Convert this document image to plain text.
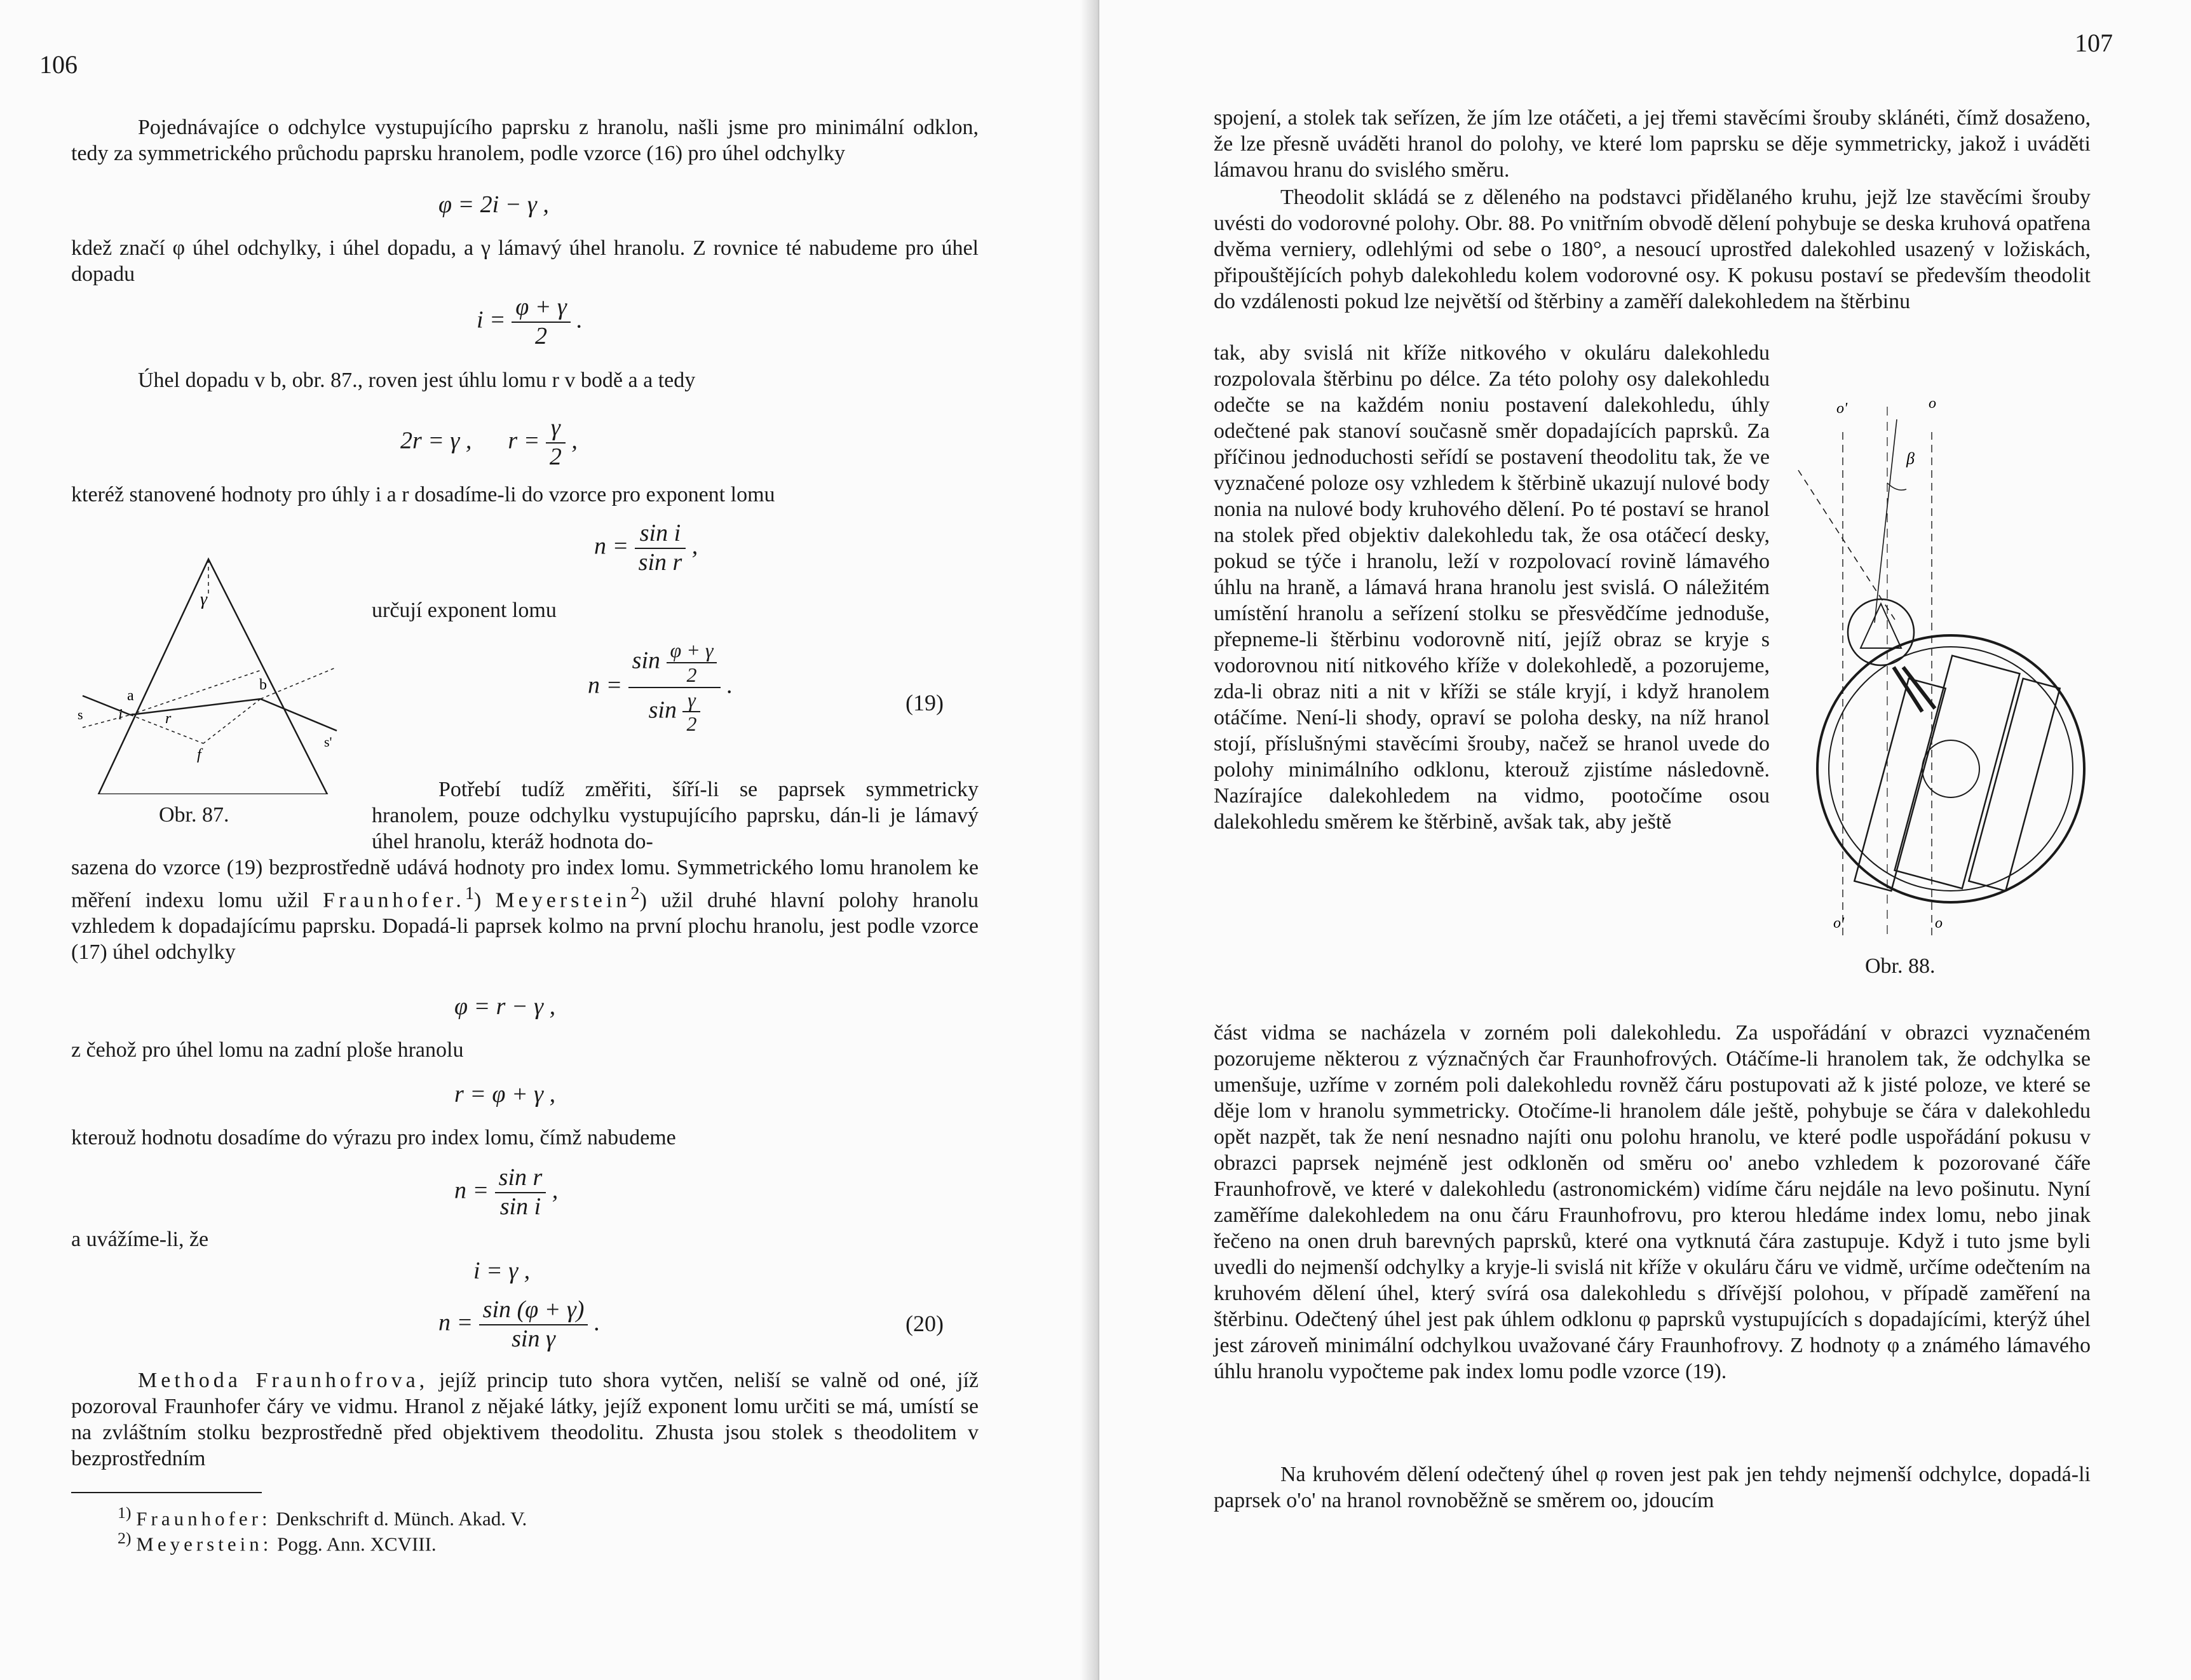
106

Pojednávajíce o odchylce vystupujícího paprsku z hranolu, našli jsme pro minimální odklon, tedy za symmetrického průchodu paprsku hranolem, podle vzorce (16) pro úhel odchylky

φ = 2i − γ ,

kdež značí φ úhel odchylky, i úhel dopadu, a γ lámavý úhel hranolu. Z rovnice té nabudeme pro úhel dopadu

$i = \frac{\varphi + \gamma}{2}$ .

Úhel dopadu v b, obr. 87., roven jest úhlu lomu r v bodě a a tedy

2r = γ , $r = \frac{\gamma}{2}$ ,

kteréž stanovené hodnoty pro úhly i a r dosadíme-li do vzorce pro exponent lomu

$n = \frac{\text{sin i}}{\text{sin r}}$ ,
γ
a
b
i	r
f
s
s'
Obr. 87.
určují exponent lomu
$n = \frac{\sin \frac{\varphi + \gamma}{2}}{\sin \frac{\gamma}{2}}$ .
(19)

Potřebí tudíž změřiti, šíří-li se paprsek symmetricky hranolem, pouze odchylku vystupujícího paprsku, dán-li je lámavý úhel hranolu, kteráž hodnota do-

sazena do vzorce (19) bezprostředně udává hodnoty pro index lomu. Symmetrického lomu hranolem ke měření indexu lomu užil Fraunhofer.$^1$) Meyerstein$^2$) užil druhé hlavní polohy hranolu vzhledem k dopadajícímu paprsku. Dopadá-li paprsek kolmo na první plochu hranolu, jest podle vzorce (17) úhel odchylky

φ = r − γ ,

z čehož pro úhel lomu na zadní ploše hranolu

r = φ + γ ,

kterouž hodnotu dosadíme do výrazu pro index lomu, čímž nabudeme

$n = \frac{\text{sin r}}{\text{sin i}}$ ,
a uvážíme-li, že
i = γ ,
$n = \frac{\sin (\varphi + \gamma)}{\text{sin γ}}$ .	(20)

Methoda Fraunhofrova, jejíž princip tuto shora vytčen, neliší se valně od oné, jíž pozoroval Fraunhofer čáry ve vidmu. Hranol z nějaké látky, jejíž exponent lomu určiti se má, umístí se na zvláštním stolku bezprostředně před objektivem theodolitu. Zhusta jsou stolek s theodolitem v bezprostředním

$^{1)}$ Fraunhofer: Denkschrift d. Münch. Akad. V.
$^{2)}$ Meyerstein: Pogg. Ann. XCVIII.
107

spojení, a stolek tak seřízen, že jím lze otáčeti, a jej třemi stavěcími šrouby sklánéti, čímž dosaženo, že lze přesně uváděti hranol do polohy, ve které lom paprsku se děje symmetricky, jakož i uváděti lámavou hranu do svislého směru.

Theodolit skládá se z děleného na podstavci přidělaného kruhu, jejž lze stavěcími šrouby uvésti do vodorovné polohy. Obr. 88. Po vnitřním obvodě dělení pohybuje se deska kruhová opatřena dvěma verniery, odlehlými od sebe o 180°, a nesoucí uprostřed dalekohled usazený v ložiskách, připouštějících pohyb dalekohledu kolem vodorovné osy. K pokusu postaví se především theodolit do vzdálenosti pokud lze největší od štěrbiny a zaměří dalekohledem na štěrbinu

tak, aby svislá nit kříže nitkového v okuláru dalekohledu rozpolovala štěrbinu po délce. Za této polohy osy dalekohledu odečte se na každém noniu postavení dalekohledu, úhly odečtené pak stanoví současně směr dopadajících paprsků. Za příčinou jednoduchosti seřídí se postavení theodolitu tak, že ve vyznačené poloze osy vzhledem k štěrbině ukazují nulové body nonia na nulové body kruhového dělení. Po té postaví se hranol na stolek před objektiv dalekohledu tak, že osa otáčecí desky, pokud se týče i hranolu, leží v rozpolovací rovině lámavého úhlu na hraně, a lámavá hrana hranolu jest svislá. O náležitém umístění hranolu a seřízení stolku se přesvědčíme jednoduše, přepneme-li štěrbinu vodorovně nití, jejíž obraz se kryje s vodorovnou nití nitkového kříže v dolekohledě, a pozorujeme, zda-li obraz niti a nit v kříži se stále kryjí, i když hranolem otáčíme. Není-li shody, opraví se poloha desky, na níž hranol stojí, příslušnými stavěcími šrouby, načež se hranol uvede do polohy minimálního odklonu, kterouž zjistíme následovně. Nazírajíce dalekohledem na vidmo, pootočíme osou dalekohledu směrem ke štěrbině, avšak tak, aby ještě

o'	o
β
o'	o
Obr. 88.

část vidma se nacházela v zorném poli dalekohledu. Za uspořádání v obrazci vyznačeném pozorujeme některou z význačných čar Fraunhofrových. Otáčíme-li hranolem tak, že odchylka se umenšuje, uzříme v zorném poli dalekohledu rovněž čáru postupovati až k jisté poloze, ve které se děje lom v hranolu symmetricky. Otočíme-li hranolem dále ještě, pohybuje se čára v dalekohledu opět nazpět, tak že není nesnadno najíti onu polohu hranolu, ve které podle uspořádání pokusu v obrazci paprsek nejméně jest odkloněn od směru oo' anebo vzhledem k pozorované čáře Fraunhofrově, ve které v dalekohledu (astronomickém) vidíme čáru nejdále na levo pošinutu. Nyní zaměříme dalekohledem na onu čáru Fraunhofrovu, pro kterou hledáme index lomu, nebo jinak řečeno na onen druh barevných paprsků, které ona vytknutá čára zastupuje. Když i tuto jsme byli uvedli do nejmenší odchylky a kryje-li svislá nit kříže v okuláru čáru ve vidmě, určíme odečtením na kruhovém dělení úhel, který svírá osa dalekohledu s dřívější polohou, v případě zaměření na štěrbinu. Odečtený úhel jest pak úhlem odklonu φ paprsků vystupujících s dopadajícími, kterýž úhel jest zároveň minimální odchylkou uvažované čáry Fraunhofrovy. Z hodnoty φ a známého lámavého úhlu hranolu vypočteme pak index lomu podle vzorce (19).

Na kruhovém dělení odečtený úhel φ roven jest pak jen tehdy nejmenší odchylce, dopadá-li paprsek o'o' na hranol rovnoběžně se směrem oo, jdoucím
